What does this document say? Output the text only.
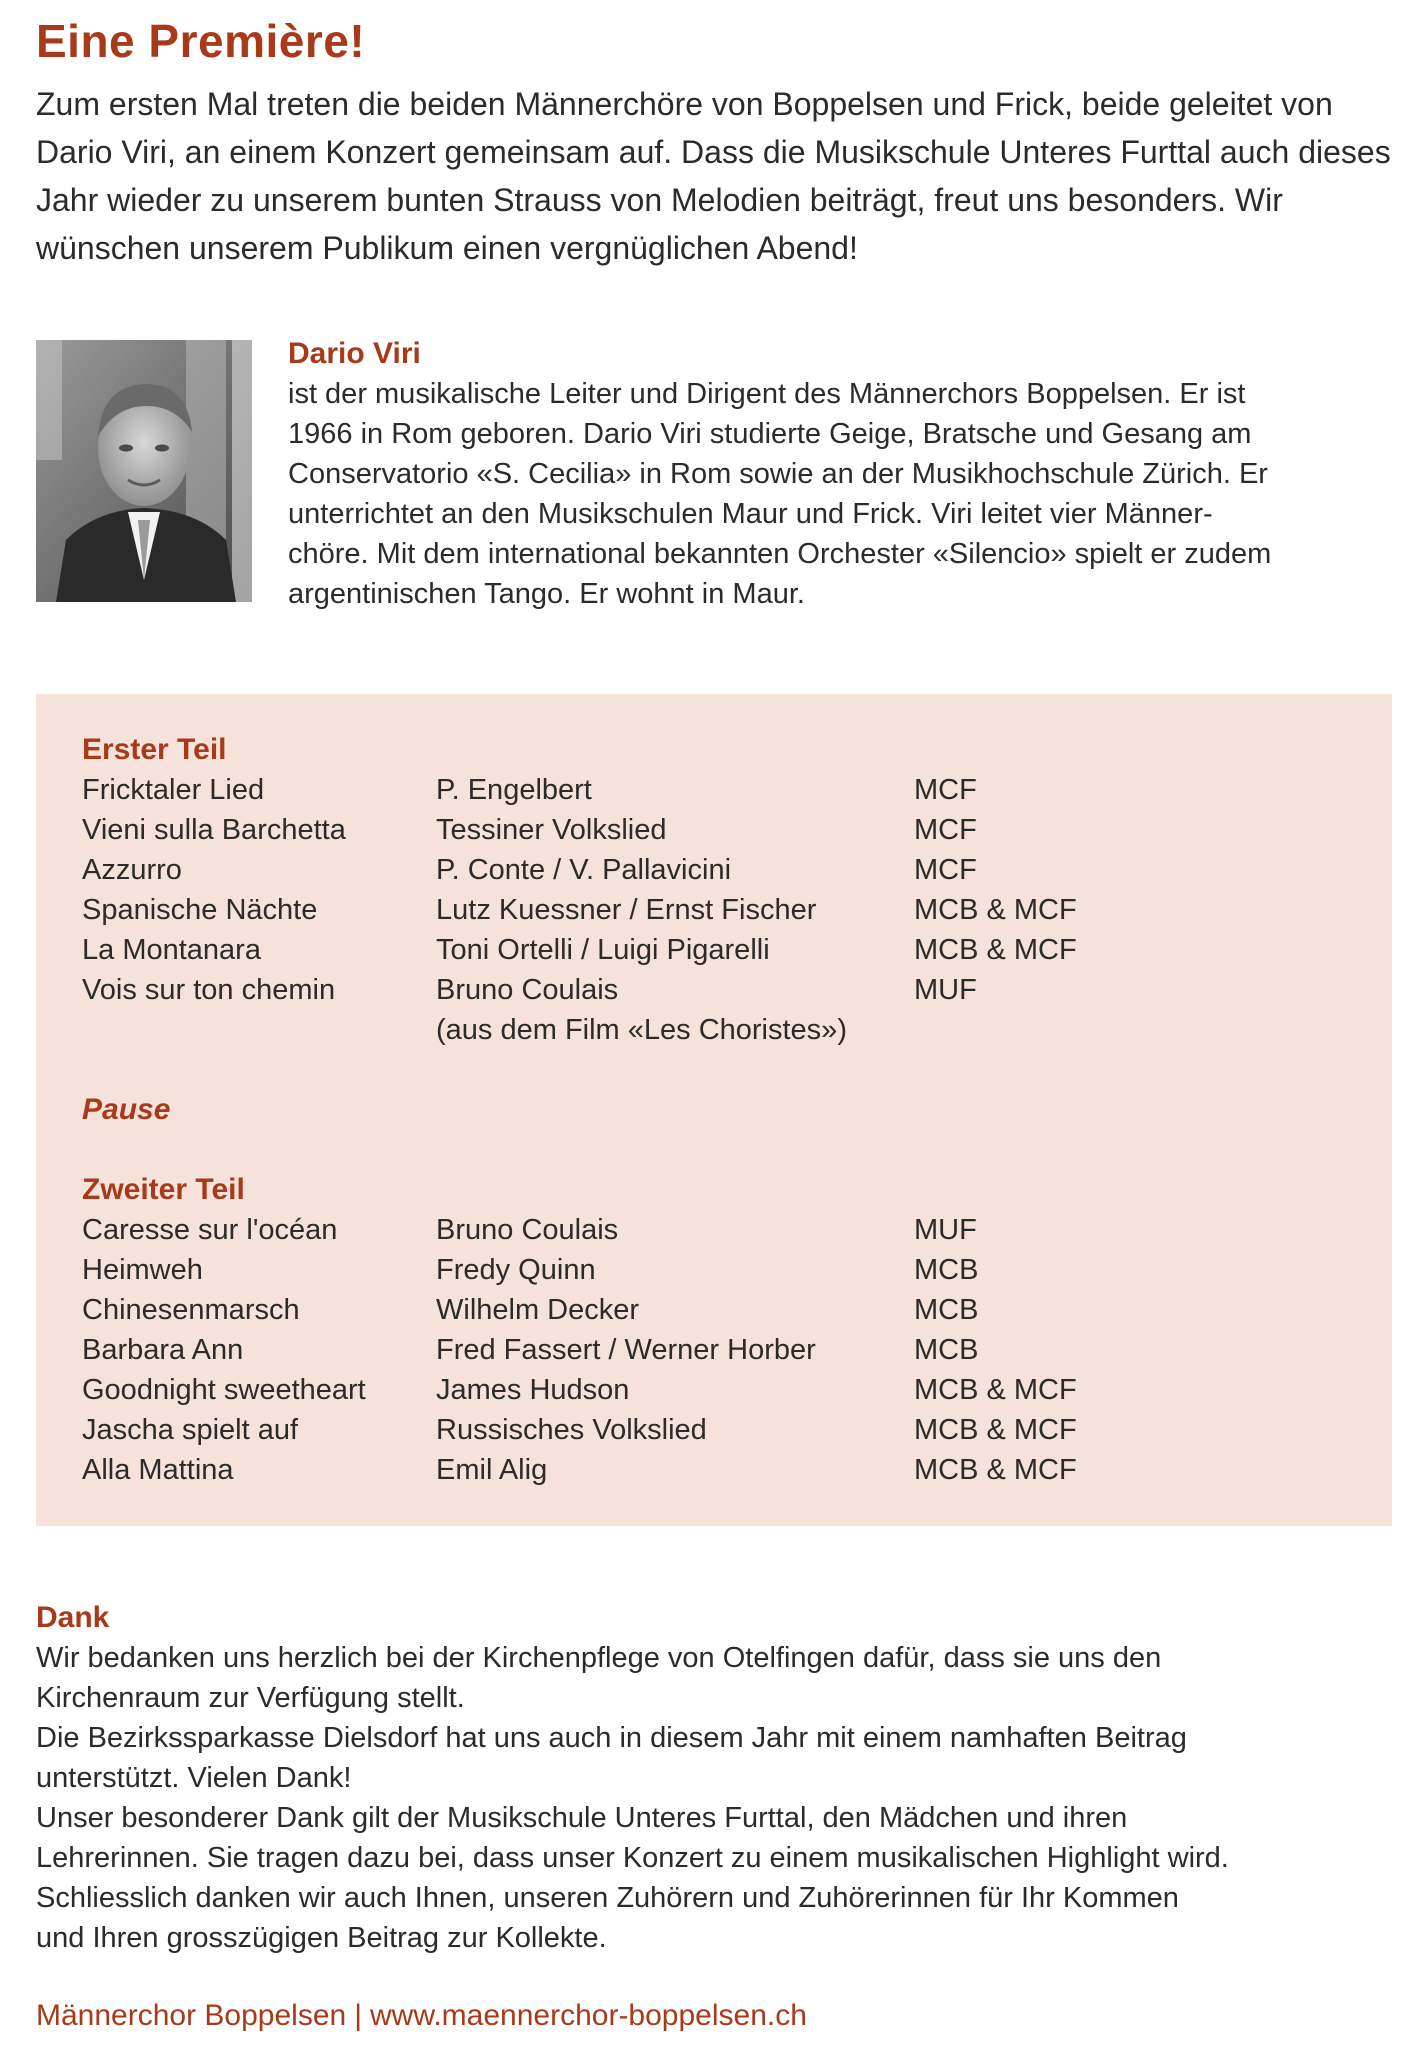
Eine Première!

Zum ersten Mal treten die beiden Männerchöre von Boppelsen und Frick, beide geleitet von Dario Viri, an einem Konzert gemeinsam auf. Dass die Musikschule Unteres Furttal auch dieses Jahr wieder zu unserem bunten Strauss von Melodien beiträgt, freut uns besonders. Wir wünschen unserem Publikum einen vergnüglichen Abend!

Dario Viri

ist der musikalische Leiter und Dirigent des Männerchors Boppelsen. Er ist

1966 in Rom geboren. Dario Viri studierte Geige, Bratsche und Gesang am

Conservatorio «S. Cecilia» in Rom sowie an der Musikhochschule Zürich. Er

unterrichtet an den Musikschulen Maur und Frick. Viri leitet vier Männer-

chöre. Mit dem international bekannten Orchester «Silencio» spielt er zudem

argentinischen Tango. Er wohnt in Maur.

Erster Teil

Fricktaler Lied	P. Engelbert	MCF
Vieni sulla Barchetta	Tessiner Volkslied	MCF
Azzurro	P. Conte / V. Pallavicini	MCF
Spanische Nächte	Lutz Kuessner / Ernst Fischer	MCB & MCF
La Montanara	Toni Ortelli / Luigi Pigarelli	MCB & MCF
Vois sur ton chemin	Bruno Coulais	MUF
(aus dem Film «Les Choristes»)

Pause

Zweiter Teil

Caresse sur l'océan	Bruno Coulais	MUF
Heimweh	Fredy Quinn	MCB
Chinesenmarsch	Wilhelm Decker	MCB
Barbara Ann	Fred Fassert / Werner Horber	MCB
Goodnight sweetheart	James Hudson	MCB & MCF
Jascha spielt auf	Russisches Volkslied	MCB & MCF
Alla Mattina	Emil Alig	MCB & MCF

Dank

Wir bedanken uns herzlich bei der Kirchenpflege von Otelfingen dafür, dass sie uns den

Kirchenraum zur Verfügung stellt.

Die Bezirkssparkasse Dielsdorf hat uns auch in diesem Jahr mit einem namhaften Beitrag

unterstützt. Vielen Dank!

Unser besonderer Dank gilt der Musikschule Unteres Furttal, den Mädchen und ihren

Lehrerinnen. Sie tragen dazu bei, dass unser Konzert zu einem musikalischen Highlight wird.

Schliesslich danken wir auch Ihnen, unseren Zuhörern und Zuhörerinnen für Ihr Kommen

und Ihren grosszügigen Beitrag zur Kollekte.

Männerchor Boppelsen | www.maennerchor-boppelsen.ch
